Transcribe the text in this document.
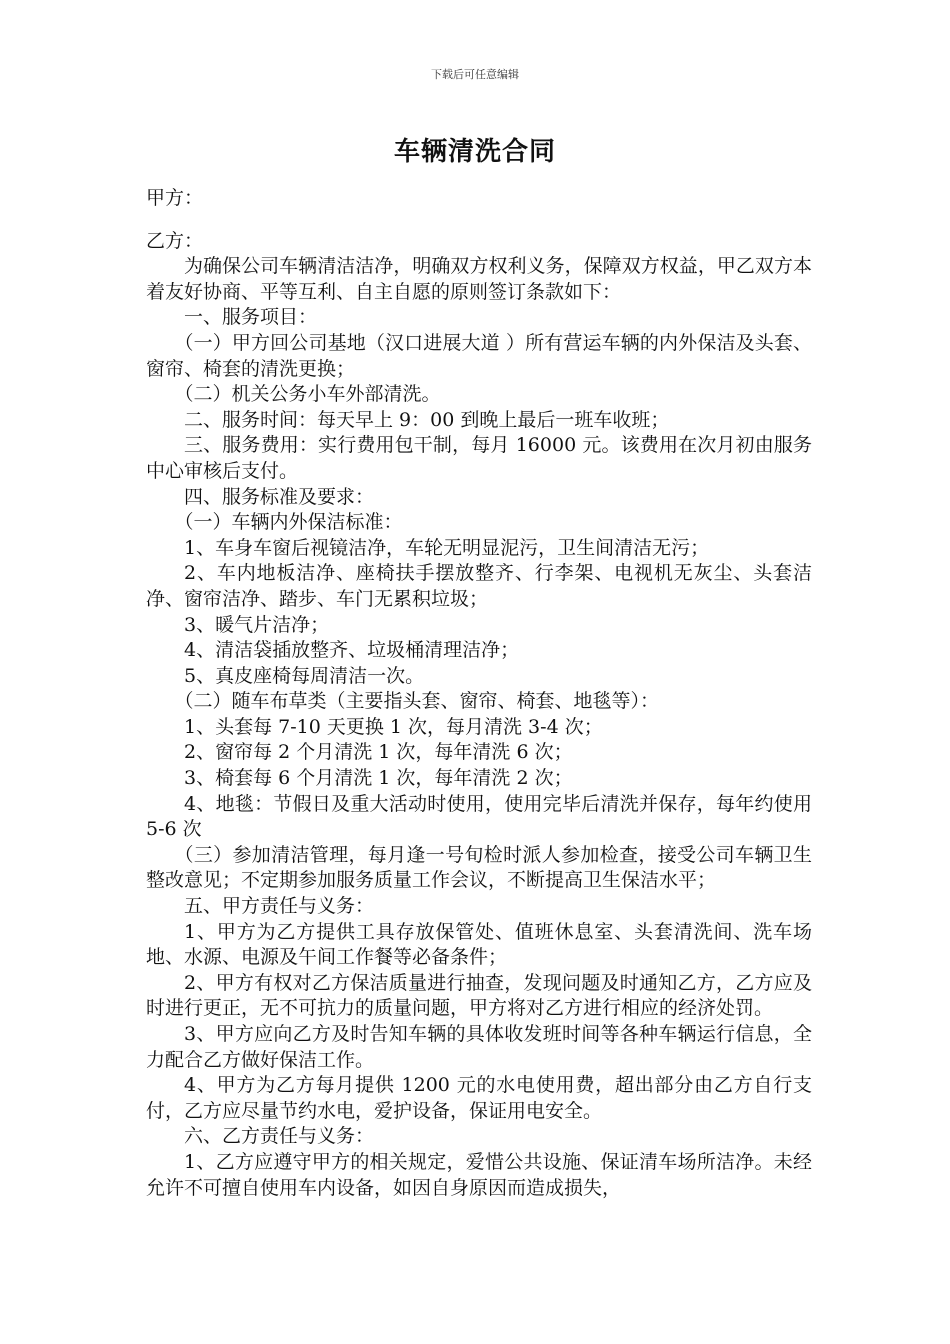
下载后可任意编辑
车辆清洗合同
甲方：
乙方：

为确保公司车辆清洁洁净，明确双方权利义务，保障双方权益，甲乙双方本着友好协商、平等互利、自主自愿的原则签订条款如下：

一、服务项目：

（一）甲方回公司基地（汉口进展大道 ）所有营运车辆的内外保洁及头套、窗帘、椅套的清洗更换；

（二）机关公务小车外部清洗。

二、服务时间：每天早上 9：00 到晚上最后一班车收班；

三、服务费用：实行费用包干制，每月 16000 元。该费用在次月初由服务中心审核后支付。

四、服务标准及要求：

（一）车辆内外保洁标准：

1、车身车窗后视镜洁净，车轮无明显泥污，卫生间清洁无污；

2、车内地板洁净、座椅扶手摆放整齐、行李架、电视机无灰尘、头套洁净、窗帘洁净、踏步、车门无累积垃圾；

3、暖气片洁净；

4、清洁袋插放整齐、垃圾桶清理洁净；

5、真皮座椅每周清洁一次。

（二）随车布草类（主要指头套、窗帘、椅套、地毯等）：

1、头套每 7-10 天更换 1 次，每月清洗 3-4 次；

2、窗帘每 2 个月清洗 1 次，每年清洗 6 次；

3、椅套每 6 个月清洗 1 次，每年清洗 2 次；

4、地毯：节假日及重大活动时使用，使用完毕后清洗并保存，每年约使用 5-6 次

（三）参加清洁管理，每月逢一号旬检时派人参加检查，接受公司车辆卫生整改意见；不定期参加服务质量工作会议，不断提高卫生保洁水平；

五、甲方责任与义务：

1、甲方为乙方提供工具存放保管处、值班休息室、头套清洗间、洗车场地、水源、电源及午间工作餐等必备条件；

2、甲方有权对乙方保洁质量进行抽查，发现问题及时通知乙方，乙方应及时进行更正，无不可抗力的质量问题，甲方将对乙方进行相应的经济处罚。

3、甲方应向乙方及时告知车辆的具体收发班时间等各种车辆运行信息，全力配合乙方做好保洁工作。

4、甲方为乙方每月提供 1200 元的水电使用费，超出部分由乙方自行支付，乙方应尽量节约水电，爱护设备，保证用电安全。

六、乙方责任与义务：

1、乙方应遵守甲方的相关规定，爱惜公共设施、保证清车场所洁净。未经允许不可擅自使用车内设备，如因自身原因而造成损失，
